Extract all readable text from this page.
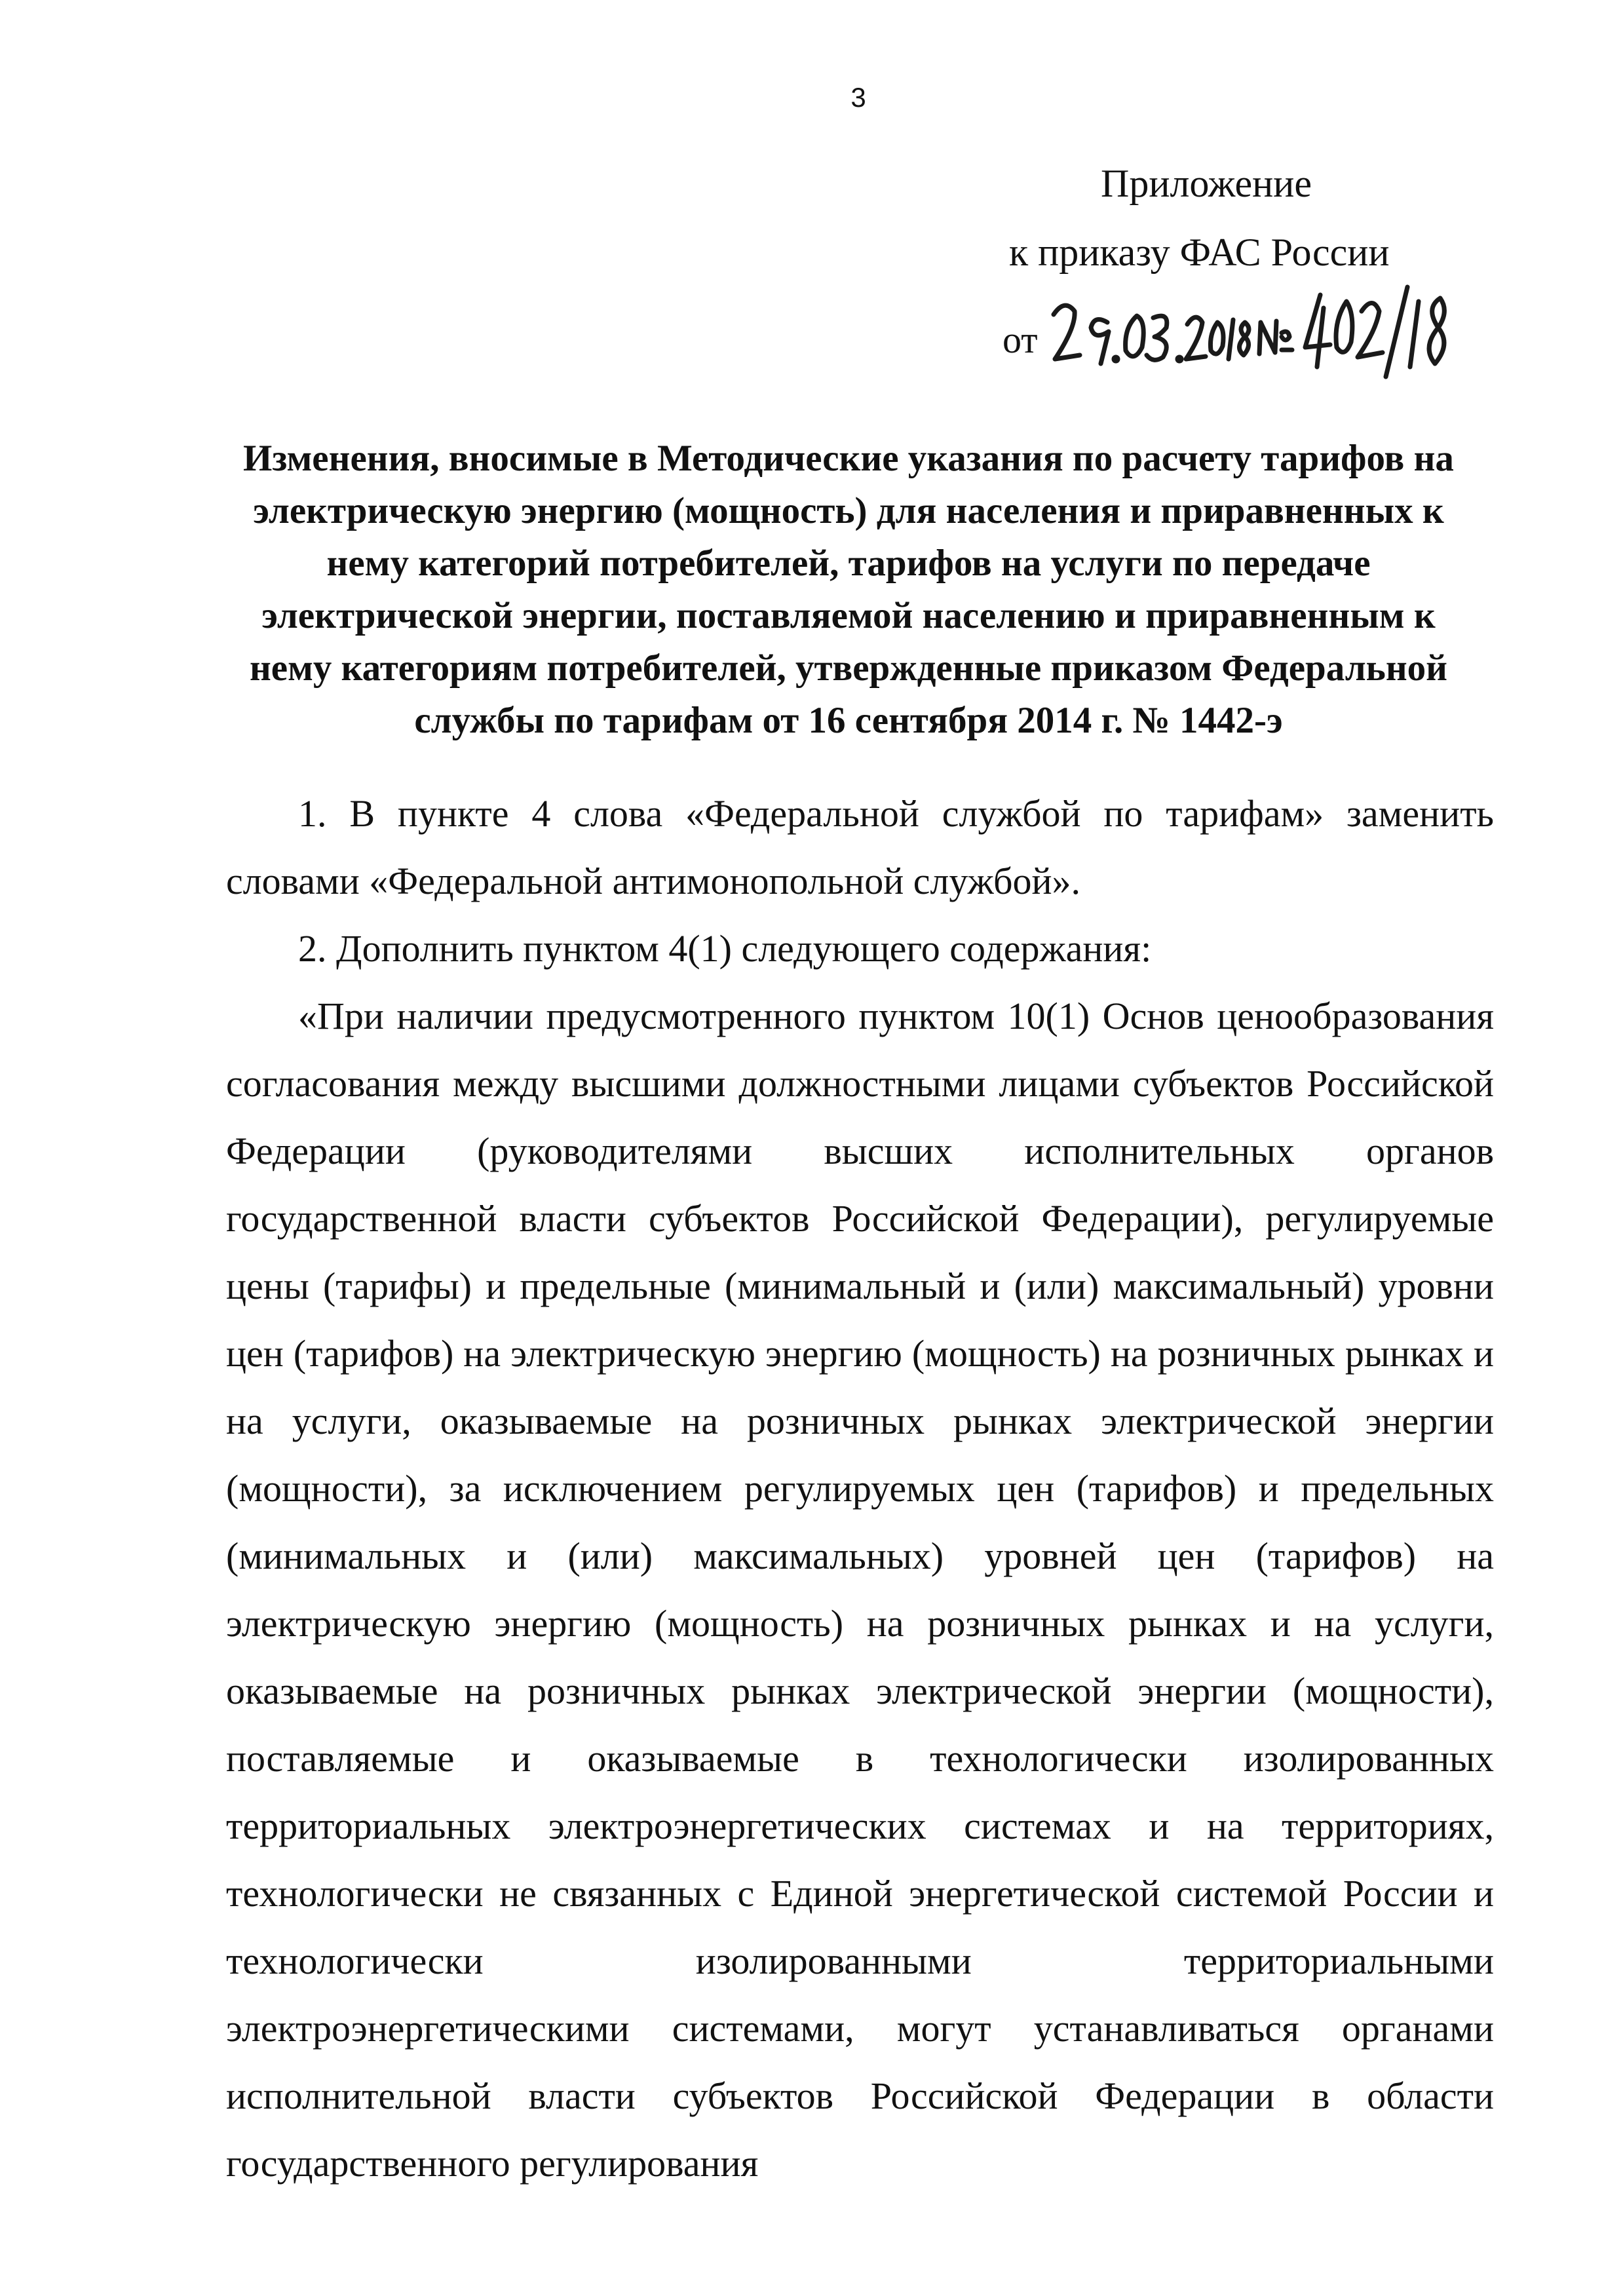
3
Приложение
к приказу ФАС России
от
Изменения, вносимые в Методические указания по расчету тарифов на электрическую энергию (мощность) для населения и приравненных к нему категорий потребителей, тарифов на услуги по передаче электрической энергии, поставляемой населению и приравненным к нему категориям потребителей, утвержденные приказом Федеральной службы по тарифам от 16 сентября 2014 г. № 1442-э

1. В пункте 4 слова «Федеральной службой по тарифам» заменить словами «Федеральной антимонопольной службой».

2. Дополнить пунктом 4(1) следующего содержания:

«При наличии предусмотренного пунктом 10(1) Основ ценообразования согласования между высшими должностными лицами субъектов Российской Федерации (руководителями высших исполнительных органов государственной власти субъектов Российской Федерации), регулируемые цены (тарифы) и предельные (минимальный и (или) максимальный) уровни цен (тарифов) на электрическую энергию (мощность) на розничных рынках и на услуги, оказываемые на розничных рынках электрической энергии (мощности), за исключением регулируемых цен (тарифов) и предельных (минимальных и (или) максимальных) уровней цен (тарифов) на электрическую энергию (мощность) на розничных рынках и на услуги, оказываемые на розничных рынках электрической энергии (мощности), поставляемые и оказываемые в технологически изолированных территориальных электроэнергетических системах и на территориях, технологически не связанных с Единой энергетической системой России и технологически изолированными территориальными электроэнергетическими системами, могут устанавливаться органами исполнительной власти субъектов Российской Федерации в области государственного регулирования
